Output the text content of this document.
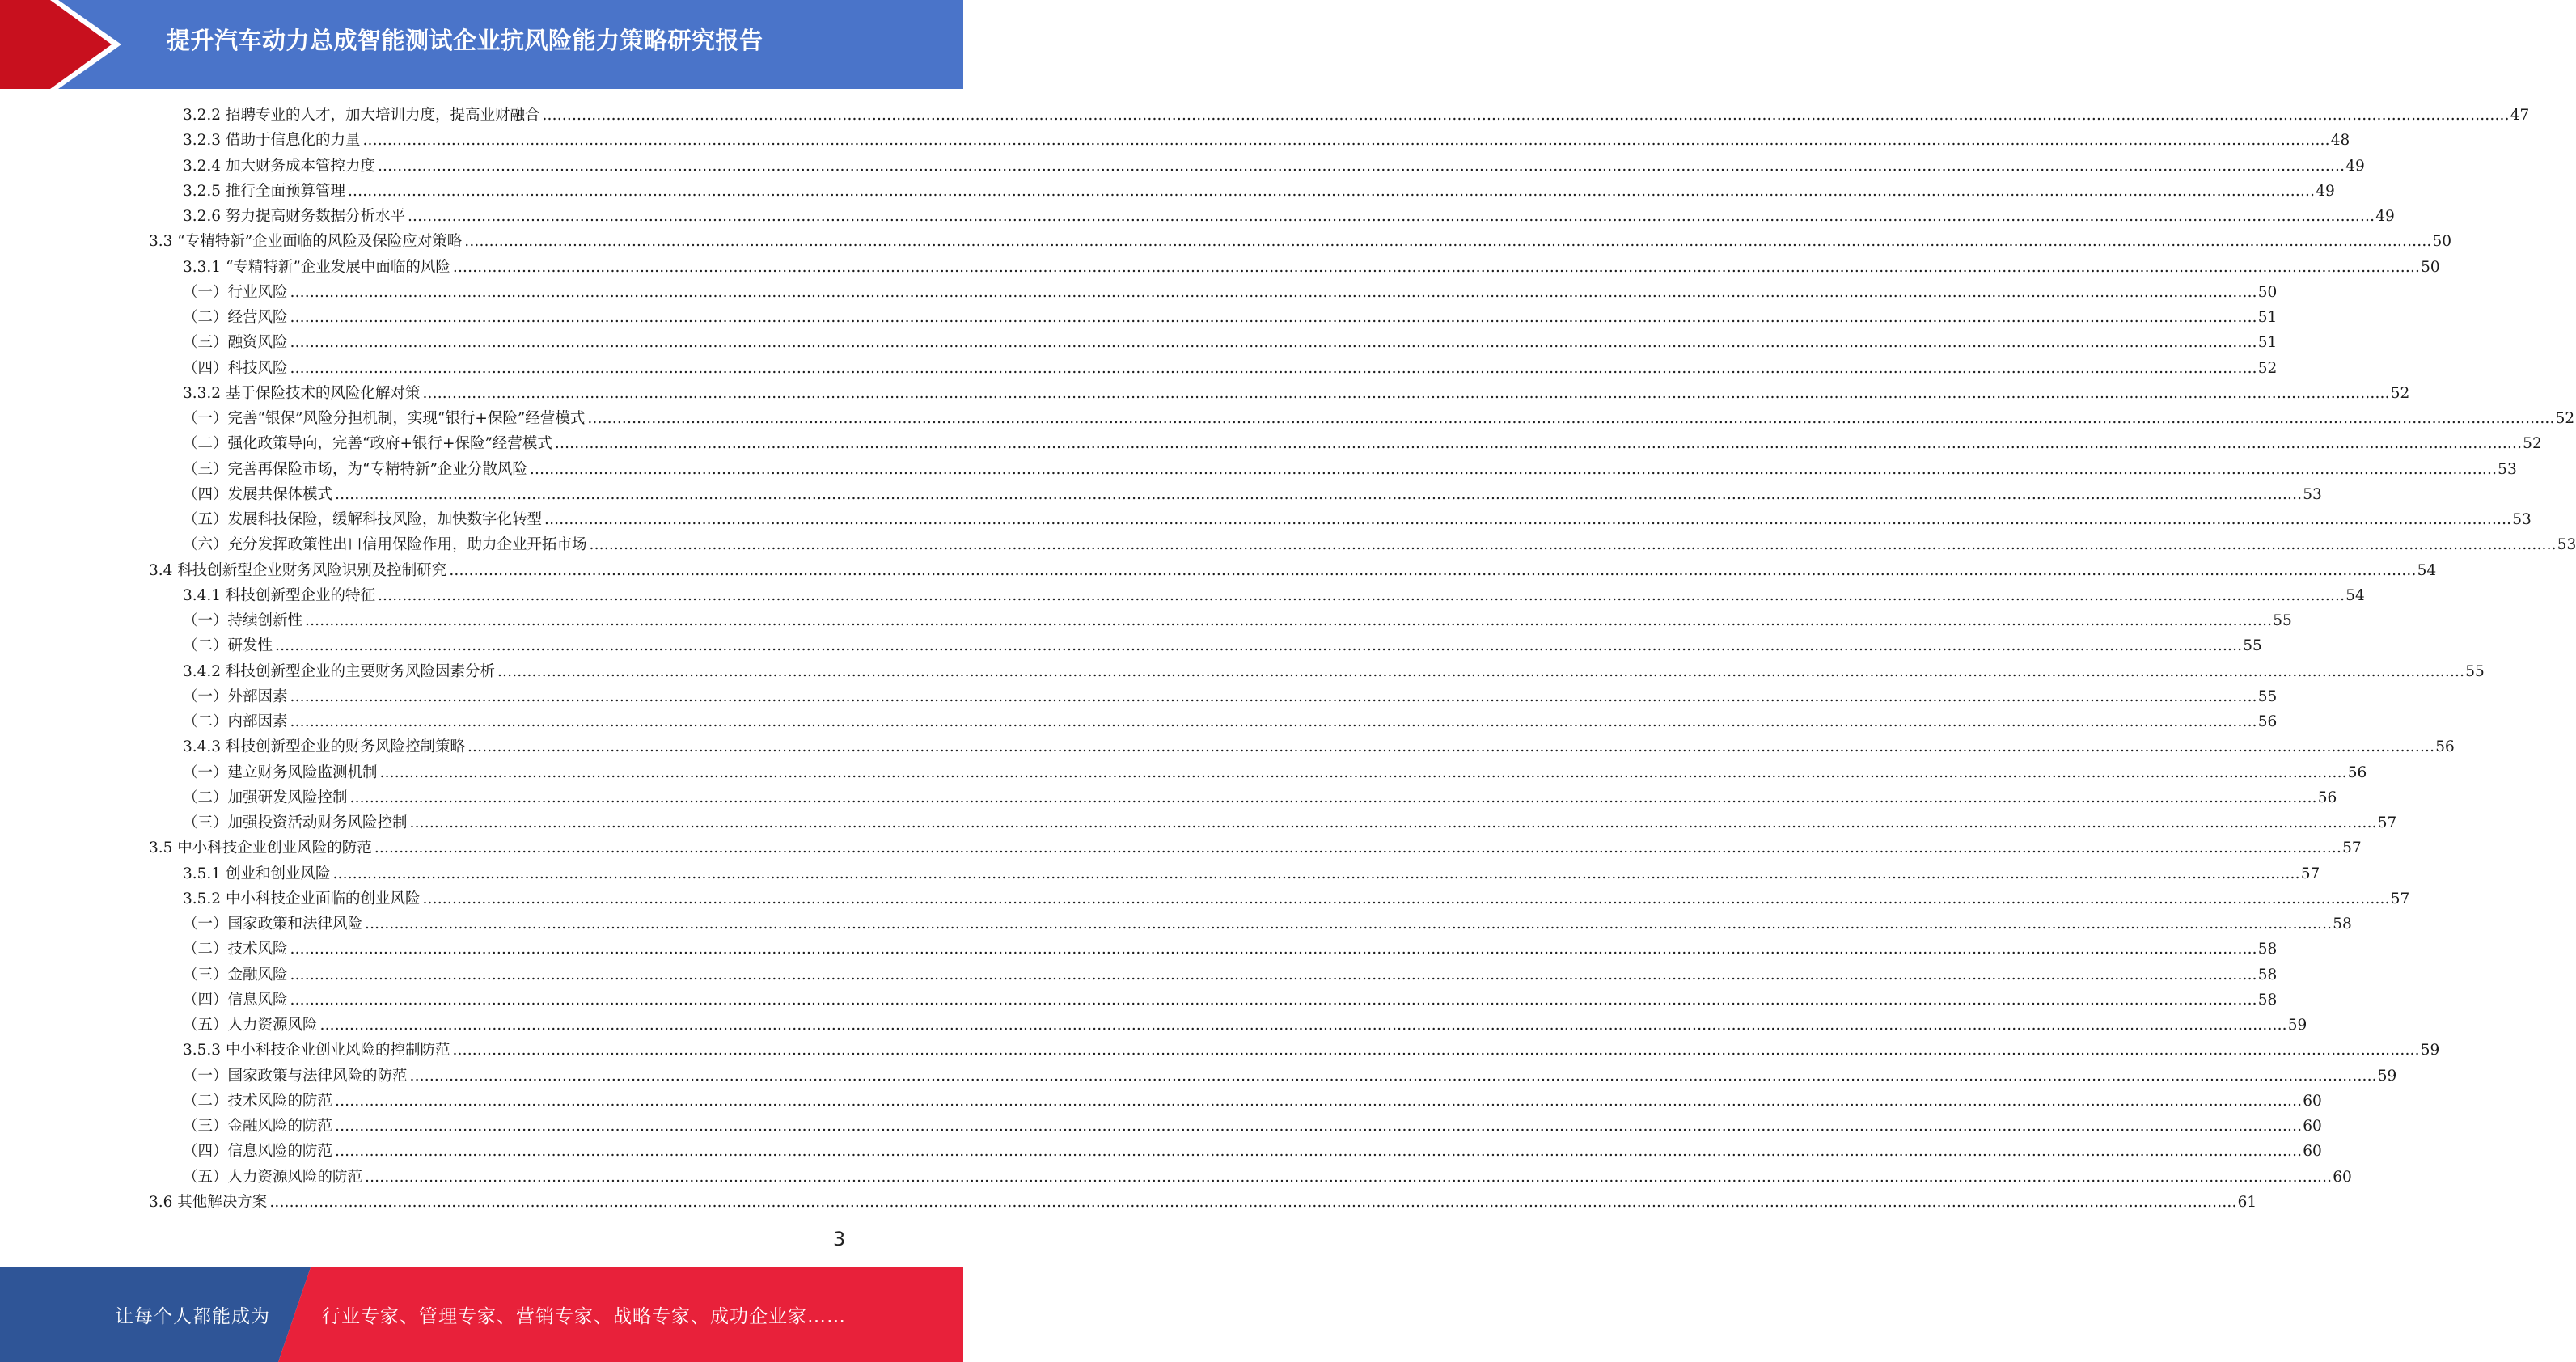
提升汽车动力总成智能测试企业抗风险能力策略研究报告
3.2.2 招聘专业的人才，加大培训力度，提高业财融合 ................................................................................................................................................................................................................................................................................................................................................................................................................ 47
3.2.3 借助于信息化的力量 ................................................................................................................................................................................................................................................................................................................................................................................................................ 48
3.2.4 加大财务成本管控力度 ................................................................................................................................................................................................................................................................................................................................................................................................................ 49
3.2.5 推行全面预算管理 ................................................................................................................................................................................................................................................................................................................................................................................................................ 49
3.2.6 努力提高财务数据分析水平 ................................................................................................................................................................................................................................................................................................................................................................................................................ 49
3.3 “专精特新”企业面临的风险及保险应对策略 ................................................................................................................................................................................................................................................................................................................................................................................................................ 50
3.3.1 “专精特新”企业发展中面临的风险 ................................................................................................................................................................................................................................................................................................................................................................................................................ 50
（一）行业风险 ................................................................................................................................................................................................................................................................................................................................................................................................................ 50
（二）经营风险 ................................................................................................................................................................................................................................................................................................................................................................................................................ 51
（三）融资风险 ................................................................................................................................................................................................................................................................................................................................................................................................................ 51
（四）科技风险 ................................................................................................................................................................................................................................................................................................................................................................................................................ 52
3.3.2 基于保险技术的风险化解对策 ................................................................................................................................................................................................................................................................................................................................................................................................................ 52
（一）完善“银保”风险分担机制，实现“银行+保险”经营模式 ................................................................................................................................................................................................................................................................................................................................................................................................................ 52
（二）强化政策导向，完善“政府+银行+保险”经营模式 ................................................................................................................................................................................................................................................................................................................................................................................................................ 52
（三）完善再保险市场，为“专精特新”企业分散风险 ................................................................................................................................................................................................................................................................................................................................................................................................................ 53
（四）发展共保体模式 ................................................................................................................................................................................................................................................................................................................................................................................................................ 53
（五）发展科技保险，缓解科技风险，加快数字化转型 ................................................................................................................................................................................................................................................................................................................................................................................................................ 53
（六）充分发挥政策性出口信用保险作用，助力企业开拓市场 ................................................................................................................................................................................................................................................................................................................................................................................................................ 53
3.4 科技创新型企业财务风险识别及控制研究 ................................................................................................................................................................................................................................................................................................................................................................................................................ 54
3.4.1 科技创新型企业的特征 ................................................................................................................................................................................................................................................................................................................................................................................................................ 54
（一）持续创新性 ................................................................................................................................................................................................................................................................................................................................................................................................................ 55
（二）研发性 ................................................................................................................................................................................................................................................................................................................................................................................................................ 55
3.4.2 科技创新型企业的主要财务风险因素分析 ................................................................................................................................................................................................................................................................................................................................................................................................................ 55
（一）外部因素 ................................................................................................................................................................................................................................................................................................................................................................................................................ 55
（二）内部因素 ................................................................................................................................................................................................................................................................................................................................................................................................................ 56
3.4.3 科技创新型企业的财务风险控制策略 ................................................................................................................................................................................................................................................................................................................................................................................................................ 56
（一）建立财务风险监测机制 ................................................................................................................................................................................................................................................................................................................................................................................................................ 56
（二）加强研发风险控制 ................................................................................................................................................................................................................................................................................................................................................................................................................ 56
（三）加强投资活动财务风险控制 ................................................................................................................................................................................................................................................................................................................................................................................................................ 57
3.5 中小科技企业创业风险的防范 ................................................................................................................................................................................................................................................................................................................................................................................................................ 57
3.5.1 创业和创业风险 ................................................................................................................................................................................................................................................................................................................................................................................................................ 57
3.5.2 中小科技企业面临的创业风险 ................................................................................................................................................................................................................................................................................................................................................................................................................ 57
（一）国家政策和法律风险 ................................................................................................................................................................................................................................................................................................................................................................................................................ 58
（二）技术风险 ................................................................................................................................................................................................................................................................................................................................................................................................................ 58
（三）金融风险 ................................................................................................................................................................................................................................................................................................................................................................................................................ 58
（四）信息风险 ................................................................................................................................................................................................................................................................................................................................................................................................................ 58
（五）人力资源风险 ................................................................................................................................................................................................................................................................................................................................................................................................................ 59
3.5.3 中小科技企业创业风险的控制防范 ................................................................................................................................................................................................................................................................................................................................................................................................................ 59
（一）国家政策与法律风险的防范 ................................................................................................................................................................................................................................................................................................................................................................................................................ 59
（二）技术风险的防范 ................................................................................................................................................................................................................................................................................................................................................................................................................ 60
（三）金融风险的防范 ................................................................................................................................................................................................................................................................................................................................................................................................................ 60
（四）信息风险的防范 ................................................................................................................................................................................................................................................................................................................................................................................................................ 60
（五）人力资源风险的防范 ................................................................................................................................................................................................................................................................................................................................................................................................................ 60
3.6 其他解决方案 ................................................................................................................................................................................................................................................................................................................................................................................................................ 61
3
让每个人都能成为	行业专家、管理专家、营销专家、战略专家、成功企业家……
